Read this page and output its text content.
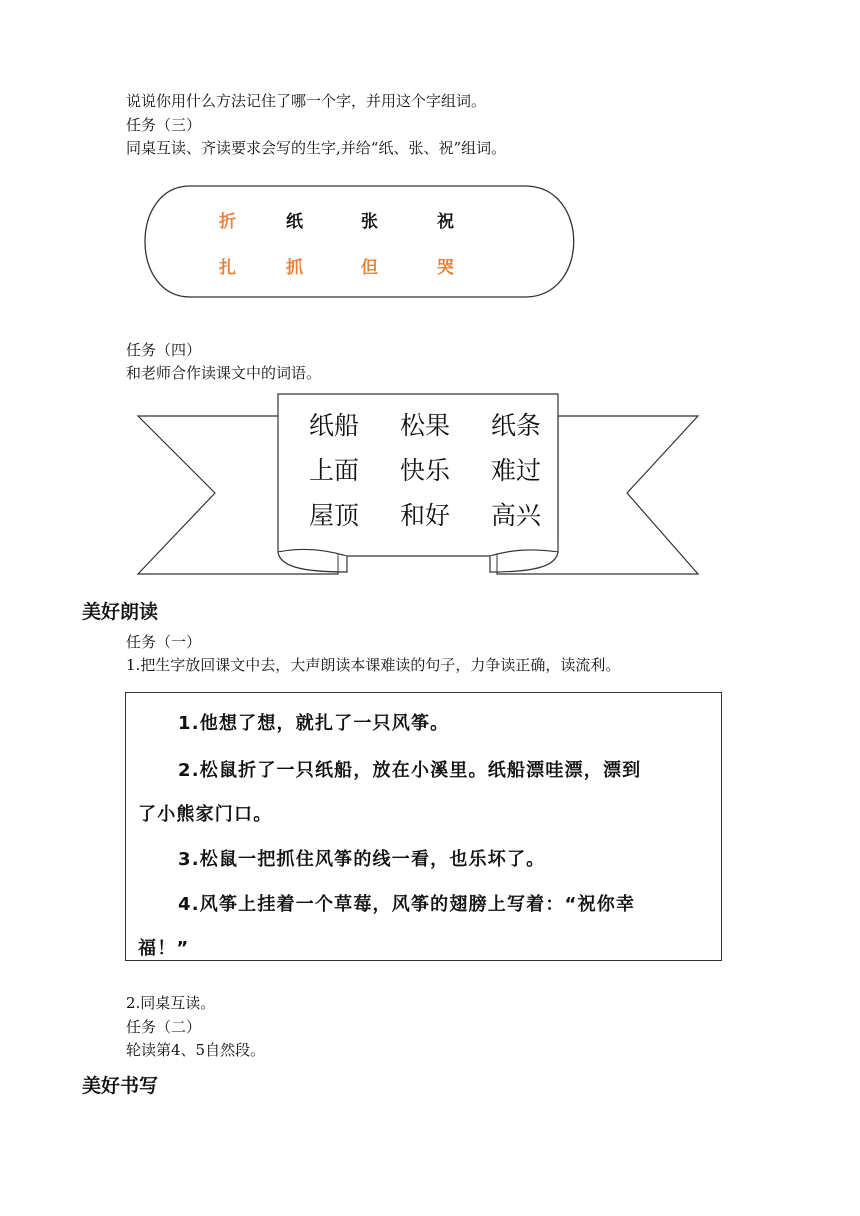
说说你用什么方法记住了哪一个字，并用这个字组词。
任务（三）
同桌互读、齐读要求会写的生字,并给“纸、张、祝”组词。
折	纸	张	祝
扎	抓	但	哭
任务（四）
和老师合作读课文中的词语。
纸船 松果 纸条
上面 快乐 难过
屋顶 和好 高兴
美好朗读
任务（一）
1.把生字放回课文中去，大声朗读本课难读的句子，力争读正确，读流利。
1.他想了想，就扎了一只风筝。
2.松鼠折了一只纸船，放在小溪里。纸船漂哇漂，漂到
了小熊家门口。
3.松鼠一把抓住风筝的线一看，也乐坏了。
4.风筝上挂着一个草莓，风筝的翅膀上写着：“祝你幸
福！”
2.同桌互读。
任务（二）
轮读第4、5自然段。
美好书写
